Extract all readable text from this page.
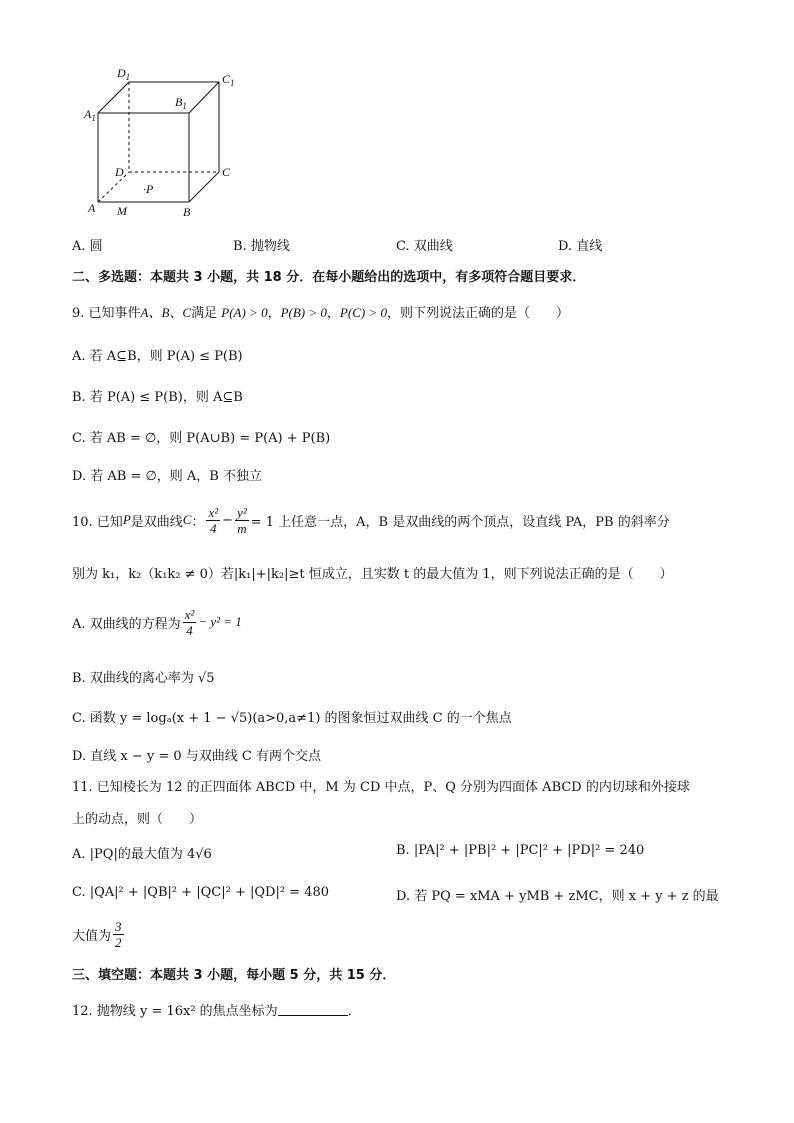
$D_1$	$C_1$
$A_1$
$B_1$
D	C
·P
A M	B
A. 圆	B. 抛物线	C. 双曲线	D. 直线
二、多选题：本题共 3 小题，共 18 分．在每小题给出的选项中，有多项符合题目要求．
9. 已知事件A、B、C满足 P(A) > 0，P(B) > 0，P(C) > 0，则下列说法正确的是（　　）
A. 若 A⊆B，则 P(A) ≤ P(B)
B. 若 P(A) ≤ P(B)，则 A⊆B
C. 若 AB = ∅，则 P(A∪B) = P(A) + P(B)
D. 若 AB = ∅，则 A，B 不独立
10. 已知 P 是双曲线 C ： $\frac{\text{x²}}{4} - \frac{\text{y²}}{m} = 1$ 上任意一点，A，B 是双曲线的两个顶点，设直线 PA，PB 的斜率分
别为 k₁，k₂（k₁k₂ ≠ 0）若|k₁|+|k₂|≥t 恒成立，且实数 t 的最大值为 1，则下列说法正确的是（　　）
A. 双曲线的方程为 $\frac{\text{x²}}{4} - y^2 = 1$
B. 双曲线的离心率为 √5
C. 函数 y = logₐ(x + 1 − √5)(a>0,a≠1) 的图象恒过双曲线 C 的一个焦点
D. 直线 x − y = 0 与双曲线 C 有两个交点
11. 已知棱长为 12 的正四面体 ABCD 中，M 为 CD 中点，P、Q 分别为四面体 ABCD 的内切球和外接球
上的动点，则（　　）
A. |PQ|的最大值为 4√6	B. |PA|² + |PB|² + |PC|² + |PD|² = 240
C. |QA|² + |QB|² + |QC|² + |QD|² = 480	D. 若 PQ = xMA + yMB + zMC，则 x + y + z 的最
大值为 $\frac{3}{2}$
三、填空题：本题共 3 小题，每小题 5 分，共 15 分．
12. 抛物线 y = 16x² 的焦点坐标为	．
